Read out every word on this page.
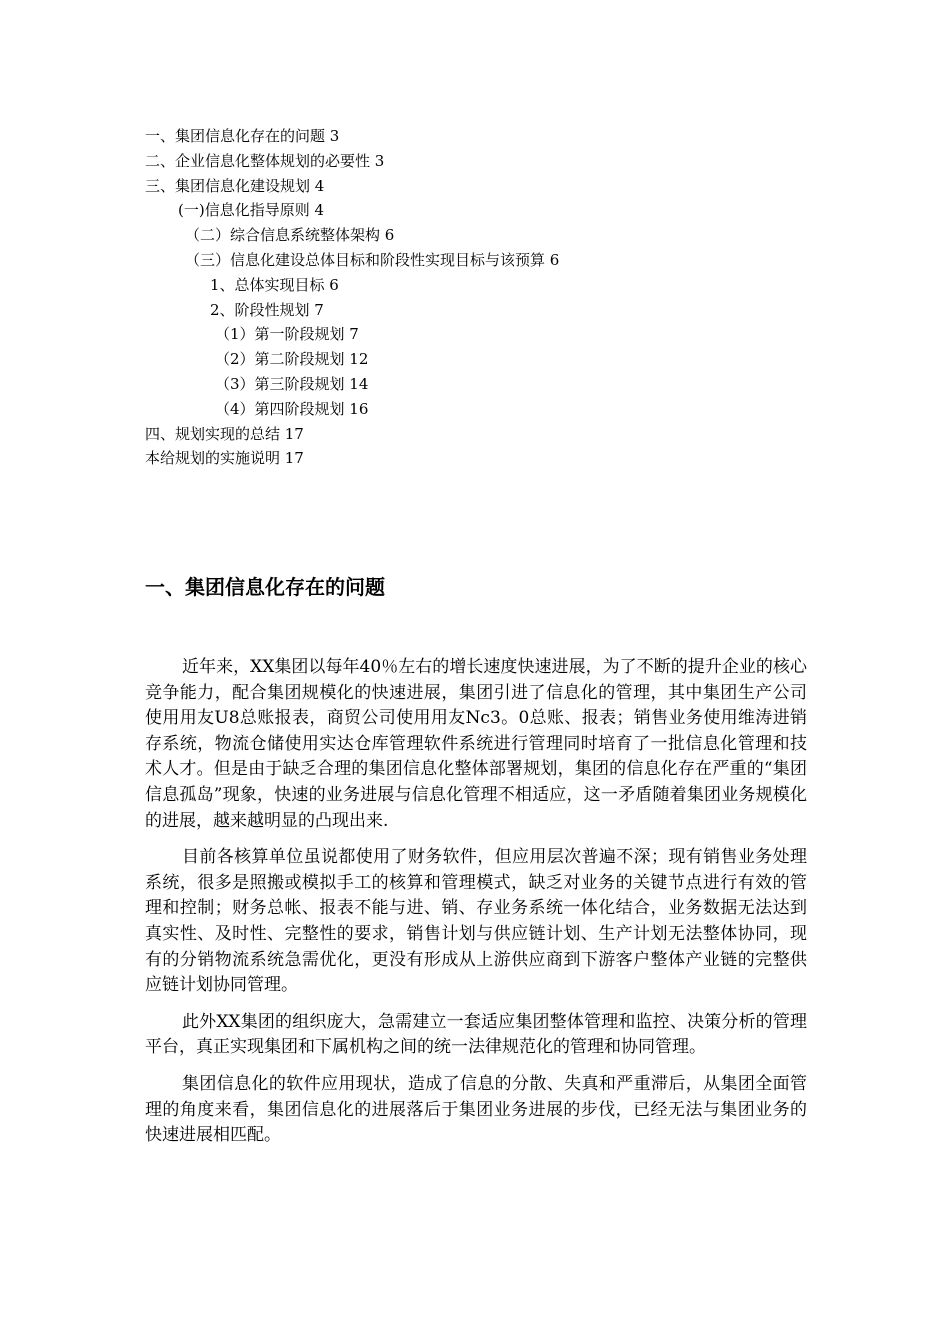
一、集团信息化存在的问题 3
二、企业信息化整体规划的必要性 3
三、集团信息化建设规划 4
(一)信息化指导原则 4
（二）综合信息系统整体架构 6
（三）信息化建设总体目标和阶段性实现目标与该预算 6
1、总体实现目标 6
2、阶段性规划 7
（1）第一阶段规划 7
（2）第二阶段规划 12
（3）第三阶段规划 14
（4）第四阶段规划 16
四、规划实现的总结 17
本给规划的实施说明 17
一、集团信息化存在的问题

近年来，XX集团以每年40％左右的增长速度快速进展，为了不断的提升企业的核心竞争能力，配合集团规模化的快速进展，集团引进了信息化的管理，其中集团生产公司使用用友U8总账报表，商贸公司使用用友Nc3。0总账、报表；销售业务使用维涛进销存系统，物流仓储使用实达仓库管理软件系统进行管理同时培育了一批信息化管理和技术人才。但是由于缺乏合理的集团信息化整体部署规划，集团的信息化存在严重的“集团信息孤岛”现象，快速的业务进展与信息化管理不相适应，这一矛盾随着集团业务规模化的进展，越来越明显的凸现出来.

目前各核算单位虽说都使用了财务软件，但应用层次普遍不深；现有销售业务处理系统，很多是照搬或模拟手工的核算和管理模式，缺乏对业务的关键节点进行有效的管理和控制；财务总帐、报表不能与进、销、存业务系统一体化结合，业务数据无法达到真实性、及时性、完整性的要求，销售计划与供应链计划、生产计划无法整体协同，现有的分销物流系统急需优化，更没有形成从上游供应商到下游客户整体产业链的完整供应链计划协同管理。

此外XX集团的组织庞大，急需建立一套适应集团整体管理和监控、决策分析的管理平台，真正实现集团和下属机构之间的统一法律规范化的管理和协同管理。

集团信息化的软件应用现状，造成了信息的分散、失真和严重滞后，从集团全面管理的角度来看，集团信息化的进展落后于集团业务进展的步伐，已经无法与集团业务的快速进展相匹配。
